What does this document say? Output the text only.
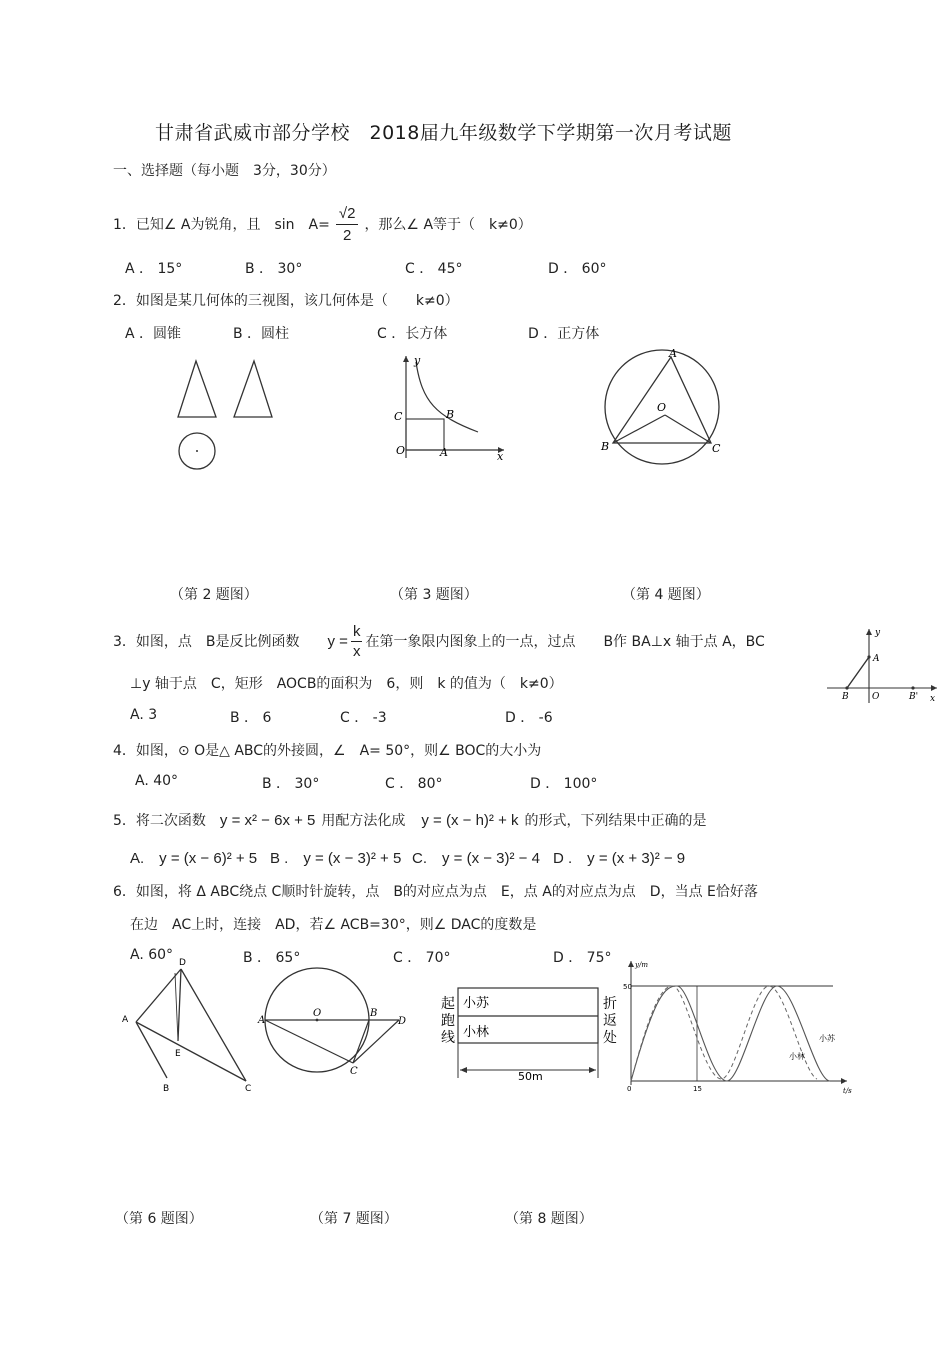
甘肃省武威市部分学校　2018届九年级数学下学期第一次月考试题
一、选择题（每小题　3分，30分）
1．已知∠ A为锐角，且　sin　$A= \frac{√2}{2}$ ，那么∠ A等于（　k≠0）
A ． 15°	B ． 30°	C ． 45°	D ． 60°
2．如图是某几何体的三视图，该几何体是（　　k≠0）
A ．圆锥	B ．圆柱	C ．长方体	D ．正方体
y
x
O	A
B
C
A
B	C
O
（第 2 题图）	（第 3 题图）	（第 4 题图）
3．如图，点　B是反比例函数 $y = \frac{k}{x}$ 在第一象限内图象上的一点，过点　　B作 BA⊥x 轴于点 A，BC
⊥y 轴于点　C，矩形　AOCB的面积为　6，则　k 的值为（　k≠0）
A. 3	B ． 6	C ． -3	D ． -6
y
x
A
B	O	B'
4．如图，⊙ O是△ ABC的外接圆，∠　A= 50°，则∠ BOC的大小为
A. 40°	B ． 30°	C ． 80°	D ． 100°
5．将二次函数 y = x² − 6x + 5 用配方法化成 y = (x − h)² + k 的形式，下列结果中正确的是
A.　y = (x − 6)² + 5 B .　y = (x − 3)² + 5 C.　y = (x − 3)² − 4 D .　y = (x + 3)² − 9
6．如图，将 Δ ABC绕点 C顺时针旋转，点　B的对应点为点　E，点 A的对应点为点　D，当点 E恰好落
在边　AC上时，连接　AD，若∠ ACB=30°，则∠ DAC的度数是
A. 60°	B ． 65°	C ． 70°	D ． 75°
D
A
E
B	C
A
O	B
D
C
起 跑 线
折 返 处
小苏
小林
50m
y/m
50
0	15	t/s
小苏
小林
（第 6 题图）	（第 7 题图）	（第 8 题图）
